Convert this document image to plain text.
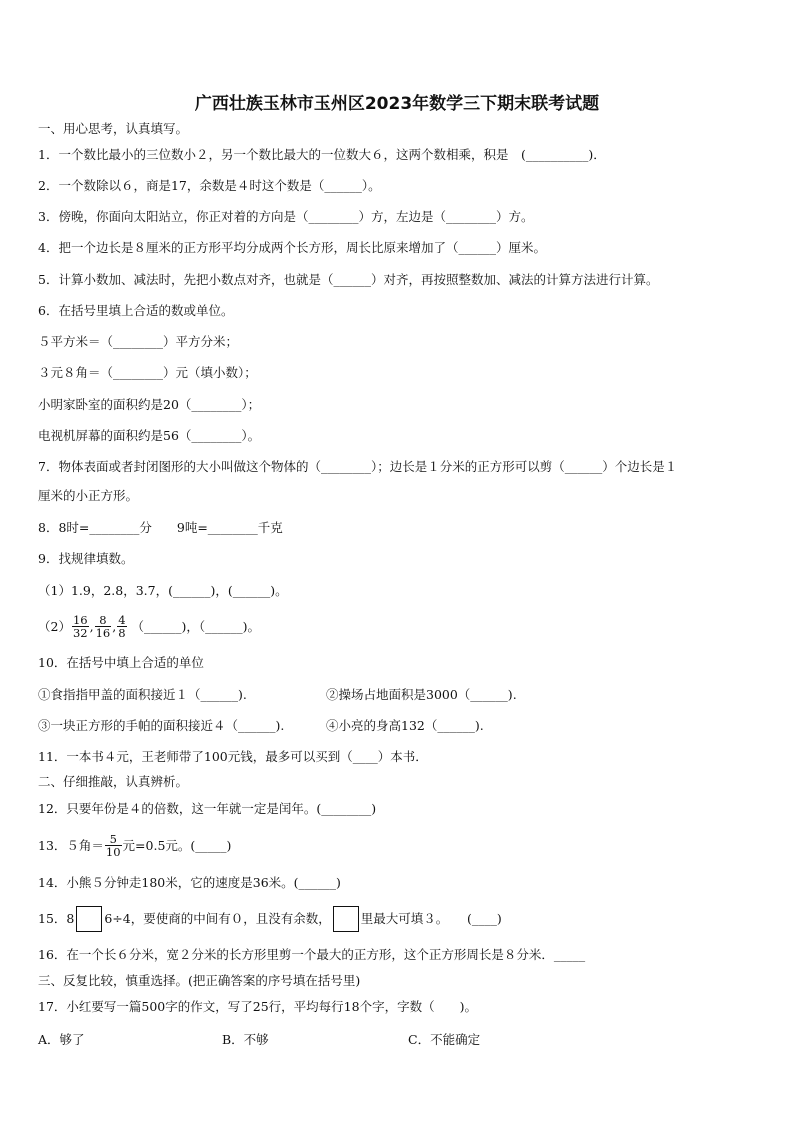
广西壮族玉林市玉州区2023年数学三下期末联考试题
一、用心思考，认真填写。
1．一个数比最小的三位数小２，另一个数比最大的一位数大６，这两个数相乘，积是　(__________)．
2．一个数除以６，商是17，余数是４时这个数是（______）。
3．傍晚，你面向太阳站立，你正对着的方向是（________）方，左边是（________）方。
4．把一个边长是８厘米的正方形平均分成两个长方形，周长比原来增加了（______）厘米。
5．计算小数加、减法时，先把小数点对齐，也就是（______）对齐，再按照整数加、减法的计算方法进行计算。
6．在括号里填上合适的数或单位。
５平方米＝（________）平方分米；
３元８角＝（________）元（填小数）；
小明家卧室的面积约是20（________）；
电视机屏幕的面积约是56（________）。
7．物体表面或者封闭图形的大小叫做这个物体的（________）；边长是１分米的正方形可以剪（______）个边长是１
厘米的小正方形。
8．8时=________分　　9吨=________千克
9．找规律填数。
（1）1.9，2.8，3.7，(______)，(______)。
$(2) \frac{16}{32}$ , $\frac{8}{16}$ , $\frac{4}{8}$ （______)，（______)。
10．在括号中填上合适的单位
①食指指甲盖的面积接近１（______).	②操场占地面积是3000（______).
③一块正方形的手帕的面积接近４（______).	④小亮的身高132（______).
11．一本书４元，王老师带了100元钱，最多可以买到（____）本书．
二、仔细推敲，认真辨析。
12．只要年份是４的倍数，这一年就一定是闰年。(________)
13．５角＝ $\frac{5}{10}$ 元=0.5元。(_____)
14．小熊５分钟走180米，它的速度是36米。(______)
15．8 6÷4，要使商的中间有０，且没有余数， 里最大可填３。　　(____)
16．在一个长６分米，宽２分米的长方形里剪一个最大的正方形，这个正方形周长是８分米．_____
三、反复比较，慎重选择。(把正确答案的序号填在括号里)
17．小红要写一篇500字的作文，写了25行，平均每行18个字，字数（　　)。
A．够了	B．不够	C．不能确定
